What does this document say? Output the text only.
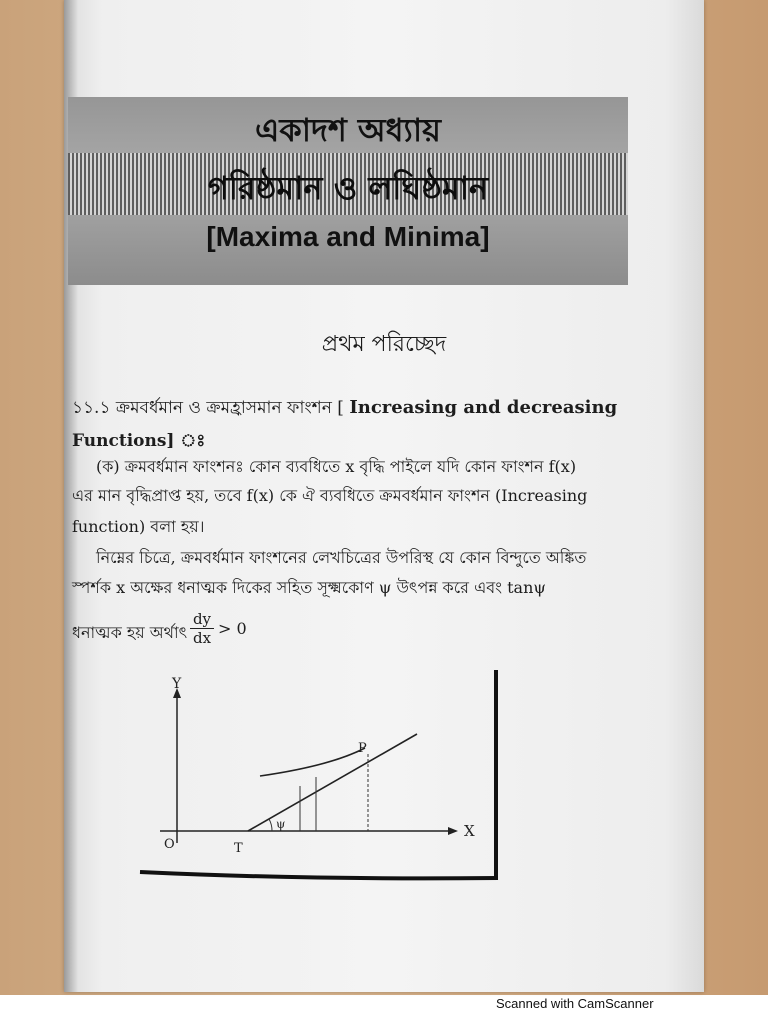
একাদশ অধ্যায়
গরিষ্ঠমান ও লঘিষ্ঠমান
[Maxima and Minima]
প্রথম পরিচ্ছেদ
১১.১ ক্রমবর্ধমান ও ক্রমহ্রাসমান ফাংশন [ Increasing and decreasing
Functions] ঃ
(ক) ক্রমবর্ধমান ফাংশনঃ কোন ব্যবধিতে x বৃদ্ধি পাইলে যদি কোন ফাংশন f(x)
এর মান বৃদ্ধিপ্রাপ্ত হয়, তবে f(x) কে ঐ ব্যবধিতে ক্রমবর্ধমান ফাংশন (Increasing
function) বলা হয়।
নিম্নের চিত্রে, ক্রমবর্ধমান ফাংশনের লেখচিত্রের উপরিস্থ যে কোন বিন্দুতে অঙ্কিত
স্পর্শক x অক্ষের ধনাত্মক দিকের সহিত সূক্ষ্মকোণ ψ উৎপন্ন করে এবং tanψ
ধনাত্মক হয় অর্থাৎ $\frac{dy}{dx} > 0$
Y
X
O	T
P
ψ
Scanned with CamScanner
